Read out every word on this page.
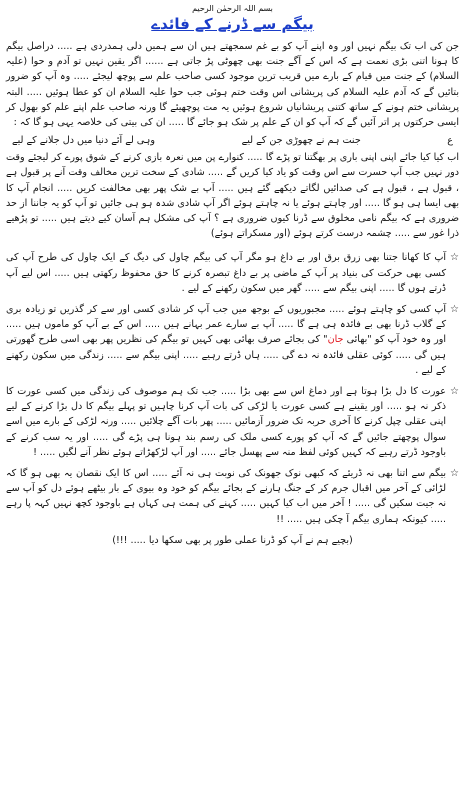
بسم اللہ الرحمٰن الرحیم
بیگم سے ڈرنے کے فائدے

جن کی اب تک بیگم نہیں اور وہ اپنے آپ کو بے غم سمجھتے ہیں ان سے ہمیں دلی ہمدردی ہے ..... دراصل بیگم کا ہونا اتنی بڑی نعمت ہے کہ اس کے آگے جنت بھی چھوٹی پڑ جاتی ہے ...... اگر یقین نہیں تو آدم و حوا (علیہ السلام) کے جنت میں قیام کے بارے میں قریب ترین موجود کسی صاحب علم سے پوچھ لیجئے ..... وہ آپ کو ضرور بتائیں گے کہ آدم علیہ السلام کی پریشانی اس وقت ختم ہوئی جب حوا علیہ السلام ان کو عطا ہوئیں ..... البتہ پریشانی ختم ہونے کے ساتھ کتنی پریشانیاں شروع ہوئیں یہ مت پوچھیئے گا ورنہ صاحب علم اپنے علم کو بھول کر ایسی حرکتوں پر اتر آئیں گے کہ آپ کو ان کے علم پر شک ہو جائے گا ..... ان کی بیتی کی خلاصہ یہی ہو گا کہ :

ع
جنت ہم نے چھوڑی جن کے لیے
وہی لے آئے دنیا میں دل جلانے کے لیے

اب کیا کیا جائے اپنی اپنی باری پر بھگتنا تو پڑے گا ..... کنوارے پن میں نعرہ بازی کرنے کے شوق پورے کر لیجئے وقت دور نہیں جب آپ حسرت سے اس وقت کو یاد کیا کریں گے ..... شادی کے سخت ترین مخالف وقت آنے پر قبول ہے ، قبول ہے ، قبول ہے کی صدائیں لگاتے دیکھے گئے ہیں ..... آپ بے شک پھر بھی مخالفت کریں ..... انجام آپ کا بھی ایسا ہی ہو گا ..... اور چاہتے ہوئے یا نہ چاہتے ہوئے اگر آپ شادی شدہ ہو ہی جائیں تو آپ کو یہ جاننا از حد ضروری ہے کہ بیگم نامی مخلوق سے ڈرنا کیوں ضروری ہے ؟ آپ کی مشکل ہم آسان کیے دیتے ہیں ..... تو پڑھیے ذرا غور سے ..... چشمہ درست کرتے ہوئے (اور مسکراتے ہوئے)

☆

آپ کا کھانا جتنا بھی زرق برق اور بے داغ ہو مگر آپ کی بیگم چاول کی دیگ کے ایک چاول کی طرح آپ کی کسی بھی حرکت کی بنیاد پر آپ کے ماضی پر بے داغ تبصرہ کرنے کا حق محفوظ رکھتی ہیں ..... اس لیے آپ ڈرتے ہوں گا ..... اپنی بیگم سے ..... گھر میں سکون رکھنے کے لیے .

☆

آپ کسی کو چاہتے ہوئے ..... مجبوریوں کے بوجھ میں جب آپ کر شادی کسی اور سے کر گذریں تو زیادہ بری کے گلاب ڈرنا بھی بے فائدہ ہی ہے گا ..... آپ بے سارے عمر بہانے ہیں ..... اس کے بے آپ کو ماموں ہیں ..... اور وہ خود آپ کو "بھائی جان" کی بجائے صرف بھائی بھی کہیں تو بیگم کی نظریں پھر بھی اسی طرح گھورتی ہیں گی ..... کوئی عقلی فائدہ نہ دے گی ..... ہاں ڈرتے رہیے ..... اپنی بیگم سے ..... زندگی میں سکون رکھنے کے لیے .

☆

عورت کا دل بڑا ہوتا ہے اور دماغ اس سے بھی بڑا ..... جب تک ہم موصوف کی زندگی میں کسی عورت کا ذکر نہ ہو ..... اور یقینے ہے کسی عورت یا لڑکی کی بات آپ کرنا چاہیں تو پہلے بیگم کا دل بڑا کرنے کے لیے اپنی عقلی چپل کرنے کا آخری حربہ تک ضرور آزمائیں ..... پھر بات آگے چلائیں ..... ورنہ لڑکی کے بارے میں اسے سوال پوچھتے جائیں گے کہ آپ کو پورے کسی ملک کی رسم بند ہونا ہی پڑے گی ..... اور یہ سب کرنے کے باوجود ڈرتے رہیے کہ کہیں کوئی لفظ منہ سے پھسل جائے ..... اور آپ لڑکھڑاتے ہوئے نظر آنے لگیں ..... !

☆

بیگم سے اتنا بھی نہ ڈریئے کہ کبھی نوک جھونک کی نوبت ہی نہ آئے ..... اس کا ایک نقصان یہ بھی ہو گا کہ لڑائی کے آخر میں اقبال جرم کر کے جنگ ہارنے کے بجائے بیگم کو خود وہ بیوی کے بار بیٹھے ہوئے دل کو آپ سے نہ جیت سکیں گی ..... ! آخر میں اب کیا کہیں ..... کہنے کی ہمت ہی کہاں ہے باوجود کچھ نہیں کہہ پا رہے ..... کیونکہ ہماری بیگم آ چکی ہیں ..... !!

(بچیے ہم نے آپ کو ڈرنا عملی طور پر بھی سکھا دیا ..... !!!)
